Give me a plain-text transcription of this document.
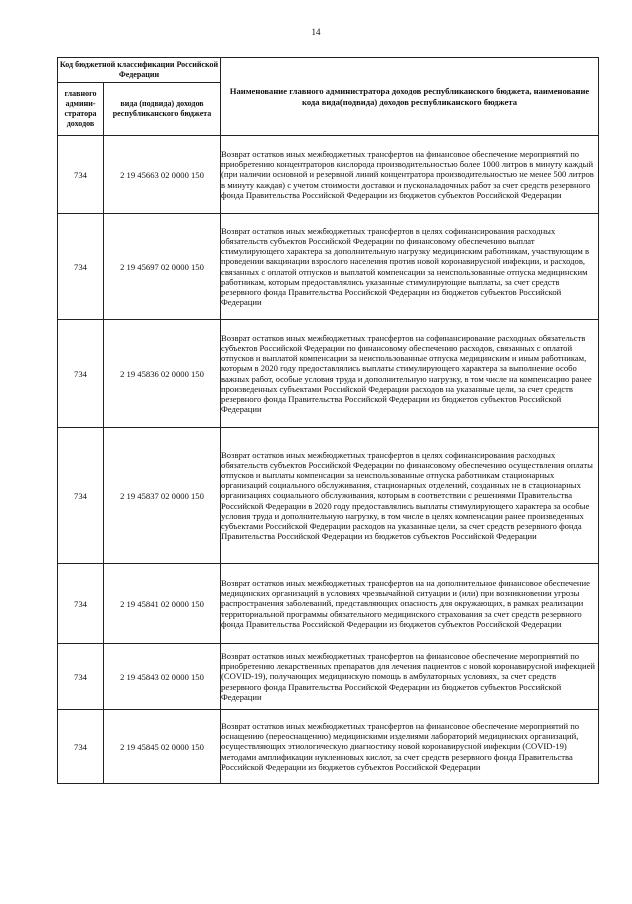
14
Код бюджетной классификации Российской Федерации		Наименование главного администратора доходов республиканского бюджета, наименование кода вида(подвида) доходов республиканского бюджета
главного админи-стратора доходов	вида (подвида) доходов республиканского бюджета	
734	2 19 45663 02 0000 150	Возврат остатков иных межбюджетных трансфертов на финансовое обеспечение мероприятий по приобретению концентраторов кислорода производительностью более 1000 литров в минуту каждый (при наличии основной и резервной линий концентратора производительностью не менее 500 литров в минуту каждая) с учетом стоимости доставки и пусконаладочных работ за счет средств резервного фонда Правительства Российской Федерации из бюджетов субъектов Российской Федерации
734	2 19 45697 02 0000 150	Возврат остатков иных межбюджетных трансфертов в целях софинансирования расходных обязательств субъектов Российской Федерации по финансовому обеспечению выплат стимулирующего характера за дополнительную нагрузку медицинским работникам, участвующим в проведении вакцинации взрослого населения против новой коронавирусной инфекции, и расходов, связанных с оплатой отпусков и выплатой компенсации за неиспользованные отпуска медицинским работникам, которым предоставлялись указанные стимулирующие выплаты, за счет средств резервного фонда Правительства Российской Федерации из бюджетов субъектов Российской Федерации
734	2 19 45836 02 0000 150	Возврат остатков иных межбюджетных трансфертов на софинансирование расходных обязательств субъектов Российской Федерации по финансовому обеспечению расходов, связанных с оплатой отпусков и выплатой компенсации за неиспользованные отпуска медицинским и иным работникам, которым в 2020 году предоставлялись выплаты стимулирующего характера за выполнение особо важных работ, особые условия труда и дополнительную нагрузку, в том числе на компенсацию ранее произведенных субъектами Российской Федерации расходов на указанные цели, за счет средств резервного фонда Правительства Российской Федерации из бюджетов субъектов Российской Федерации
734	2 19 45837 02 0000 150	Возврат остатков иных межбюджетных трансфертов в целях софинансирования расходных обязательств субъектов Российской Федерации по финансовому обеспечению осуществления оплаты отпусков и выплаты компенсации за неиспользованные отпуска работникам стационарных организаций социального обслуживания, стационарных отделений, созданных не в стационарных организациях социального обслуживания, которым в соответствии с решениями Правительства Российской Федерации в 2020 году предоставлялись выплаты стимулирующего характера за особые условия труда и дополнительную нагрузку, в том числе в целях компенсации ранее произведенных субъектами Российской Федерации расходов на указанные цели, за счет средств резервного фонда Правительства Российской Федерации из бюджетов субъектов Российской Федерации
734	2 19 45841 02 0000 150	Возврат остатков иных межбюджетных трансфертов на на дополнительное финансовое обеспечение медицинских организаций в условиях чрезвычайной ситуации и (или) при возникновении угрозы распространения заболеваний, представляющих опасность для окружающих, в рамках реализации территориальной программы обязательного медицинского страхования за счет средств резервного фонда Правительства Российской Федерации из бюджетов субъектов Российской Федерации
734	2 19 45843 02 0000 150	Возврат остатков иных межбюджетных трансфертов на финансовое обеспечение мероприятий по приобретению лекарственных препаратов для лечения пациентов с новой коронавирусной инфекцией (COVID-19), получающих медицинскую помощь в амбулаторных условиях, за счет средств резервного фонда Правительства Российской Федерации из бюджетов субъектов Российской Федерации
734	2 19 45845 02 0000 150	Возврат остатков иных межбюджетных трансфертов на финансовое обеспечение мероприятий по оснащению (переоснащению) медицинскими изделиями лабораторий медицинских организаций, осуществляющих этиологическую диагностику новой коронавирусной инфекции (COVID-19) методами амплификации нуклеиновых кислот, за счет средств резервного фонда Правительства Российской Федерации из бюджетов субъектов Российской Федерации
